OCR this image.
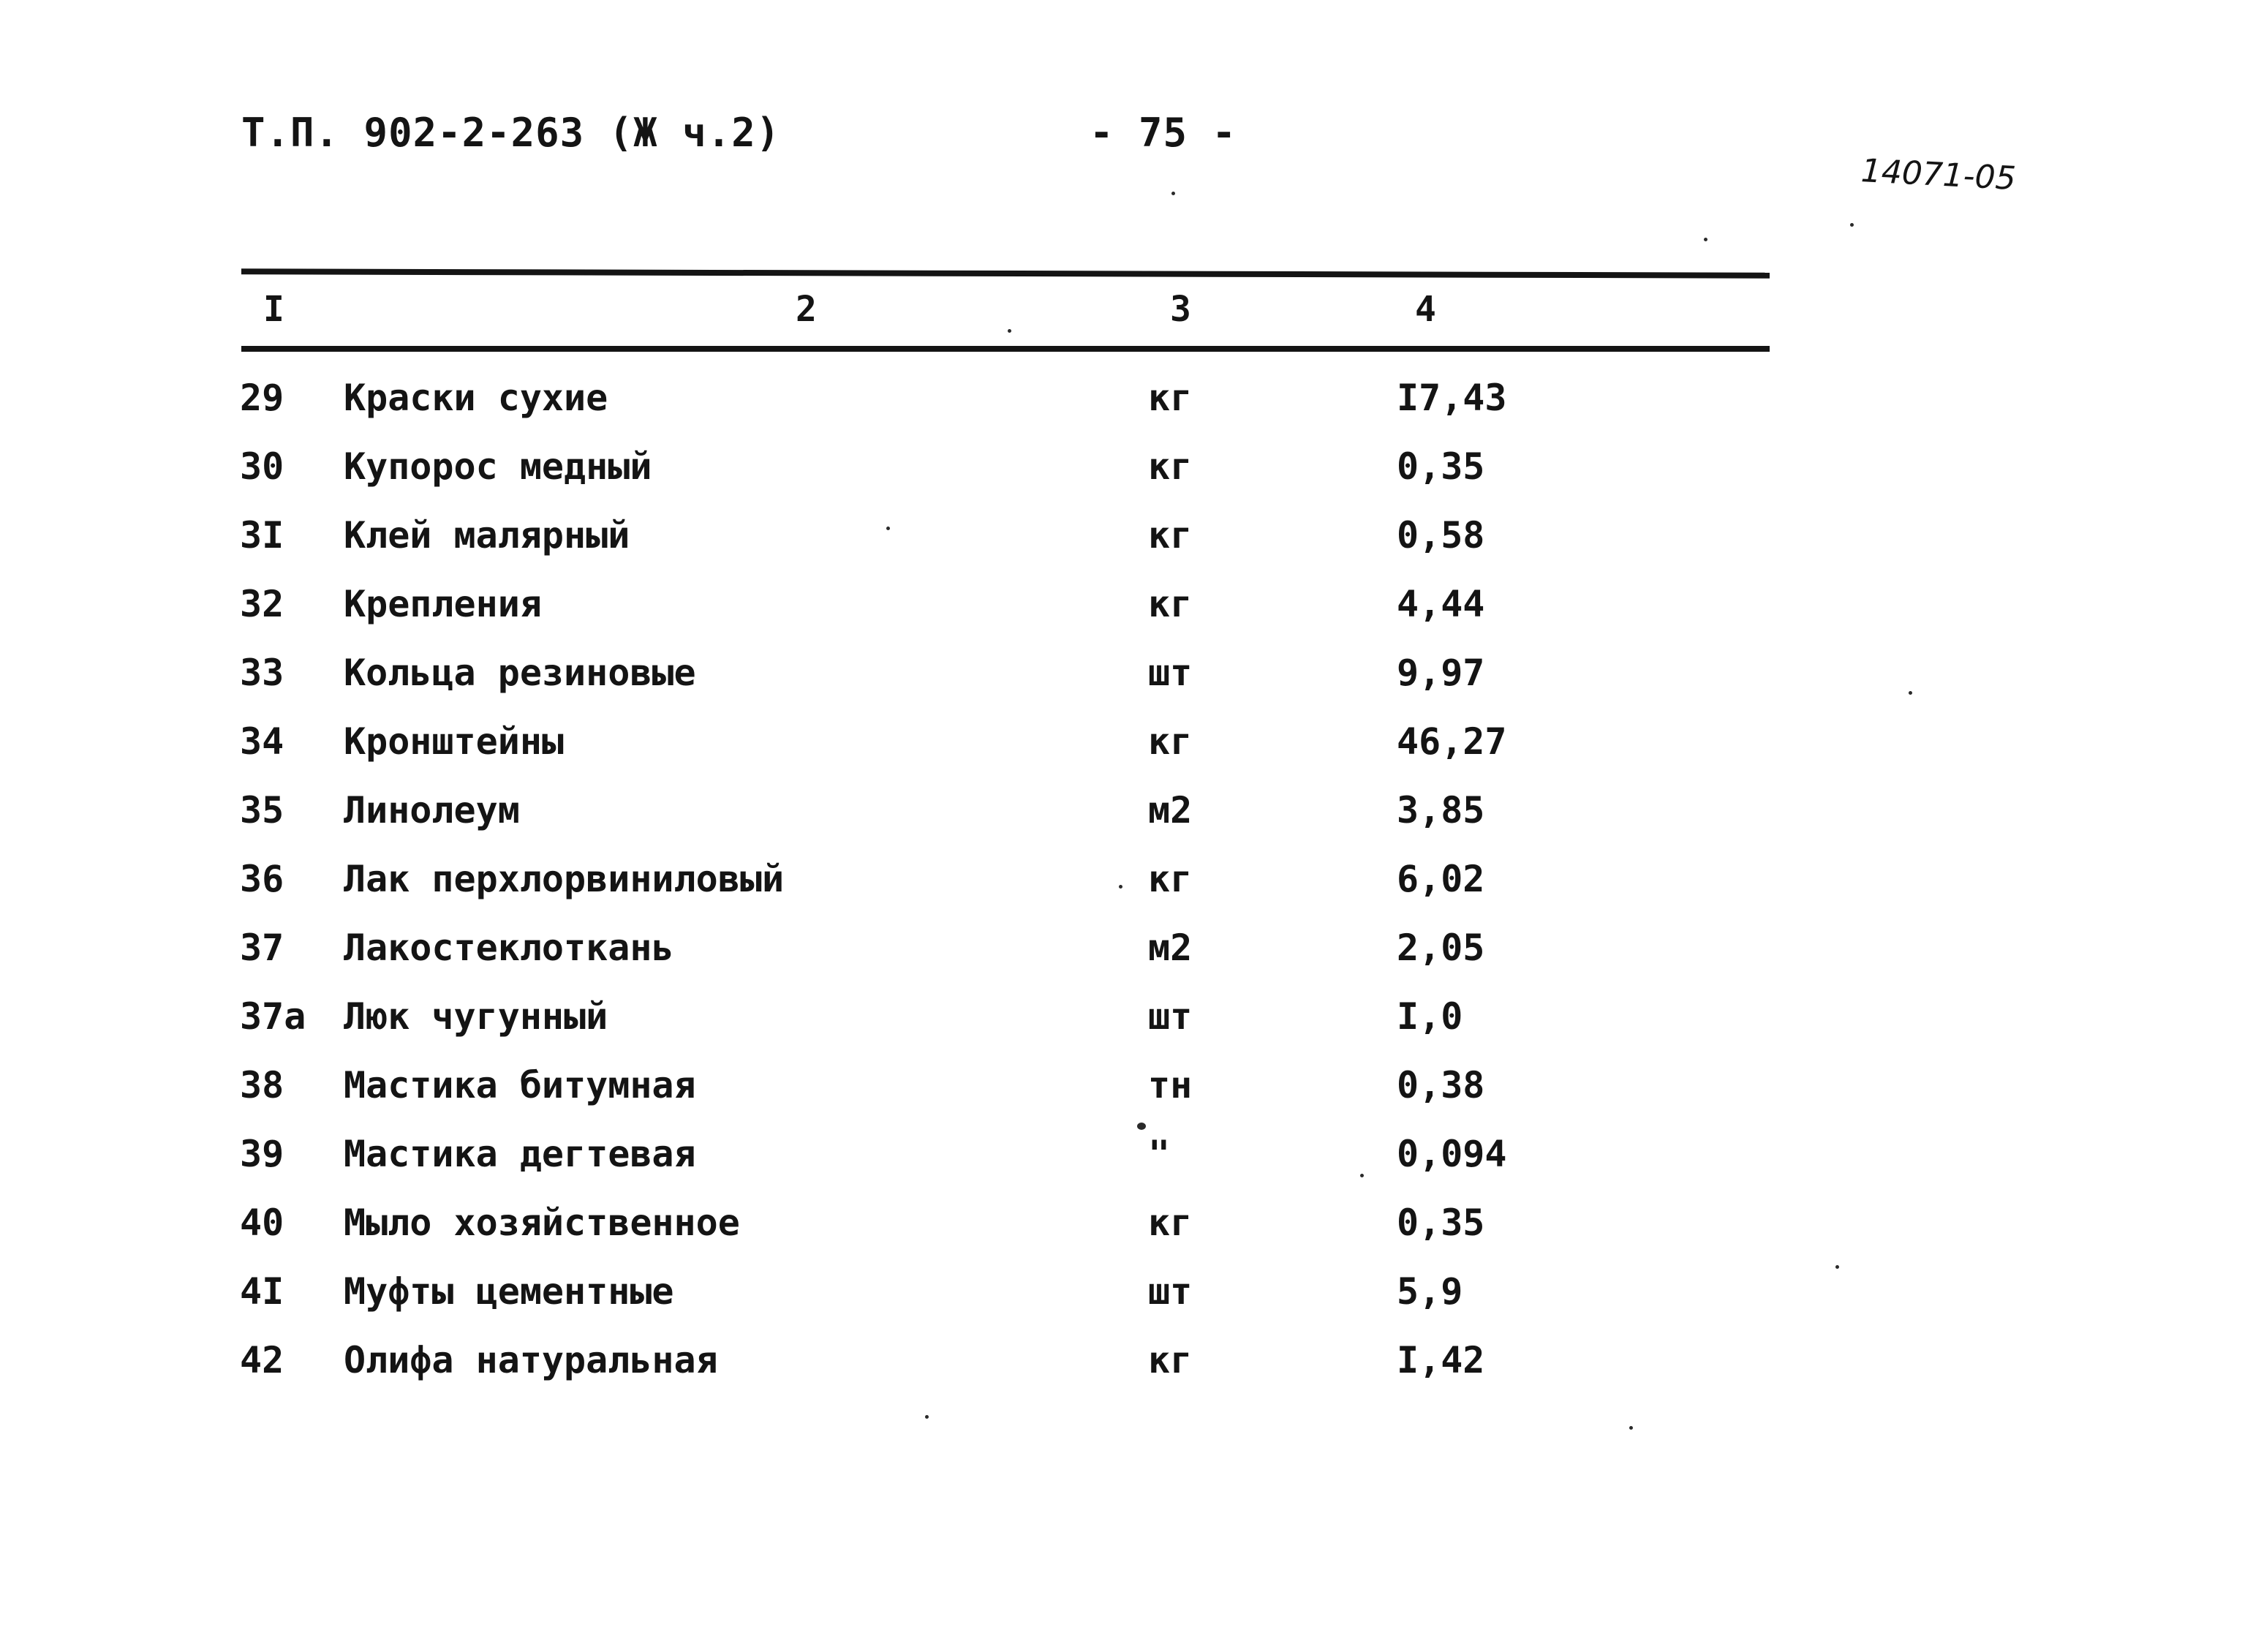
Т.П. 902-2-263 (Ж ч.2)	- 75 -
14071-05
I	2	3	4
29 Краски сухие	кг	I7,43
30 Купорос медный	кг	0,35
3I Клей малярный	кг	0,58
32 Крепления	кг	4,44
33 Кольца резиновые	шт	9,97
34 Кронштейны	кг	46,27
35 Линолеум	м2	3,85
36 Лак перхлорвиниловый	кг	6,02
37 Лакостеклоткань	м2	2,05
37а Люк чугунный	шт	I,0
38 Мастика битумная	тн	0,38
39 Мастика дегтевая	"	0,094
40 Мыло хозяйственное	кг	0,35
4I Муфты цементные	шт	5,9
42 Олифа натуральная	кг	I,42
